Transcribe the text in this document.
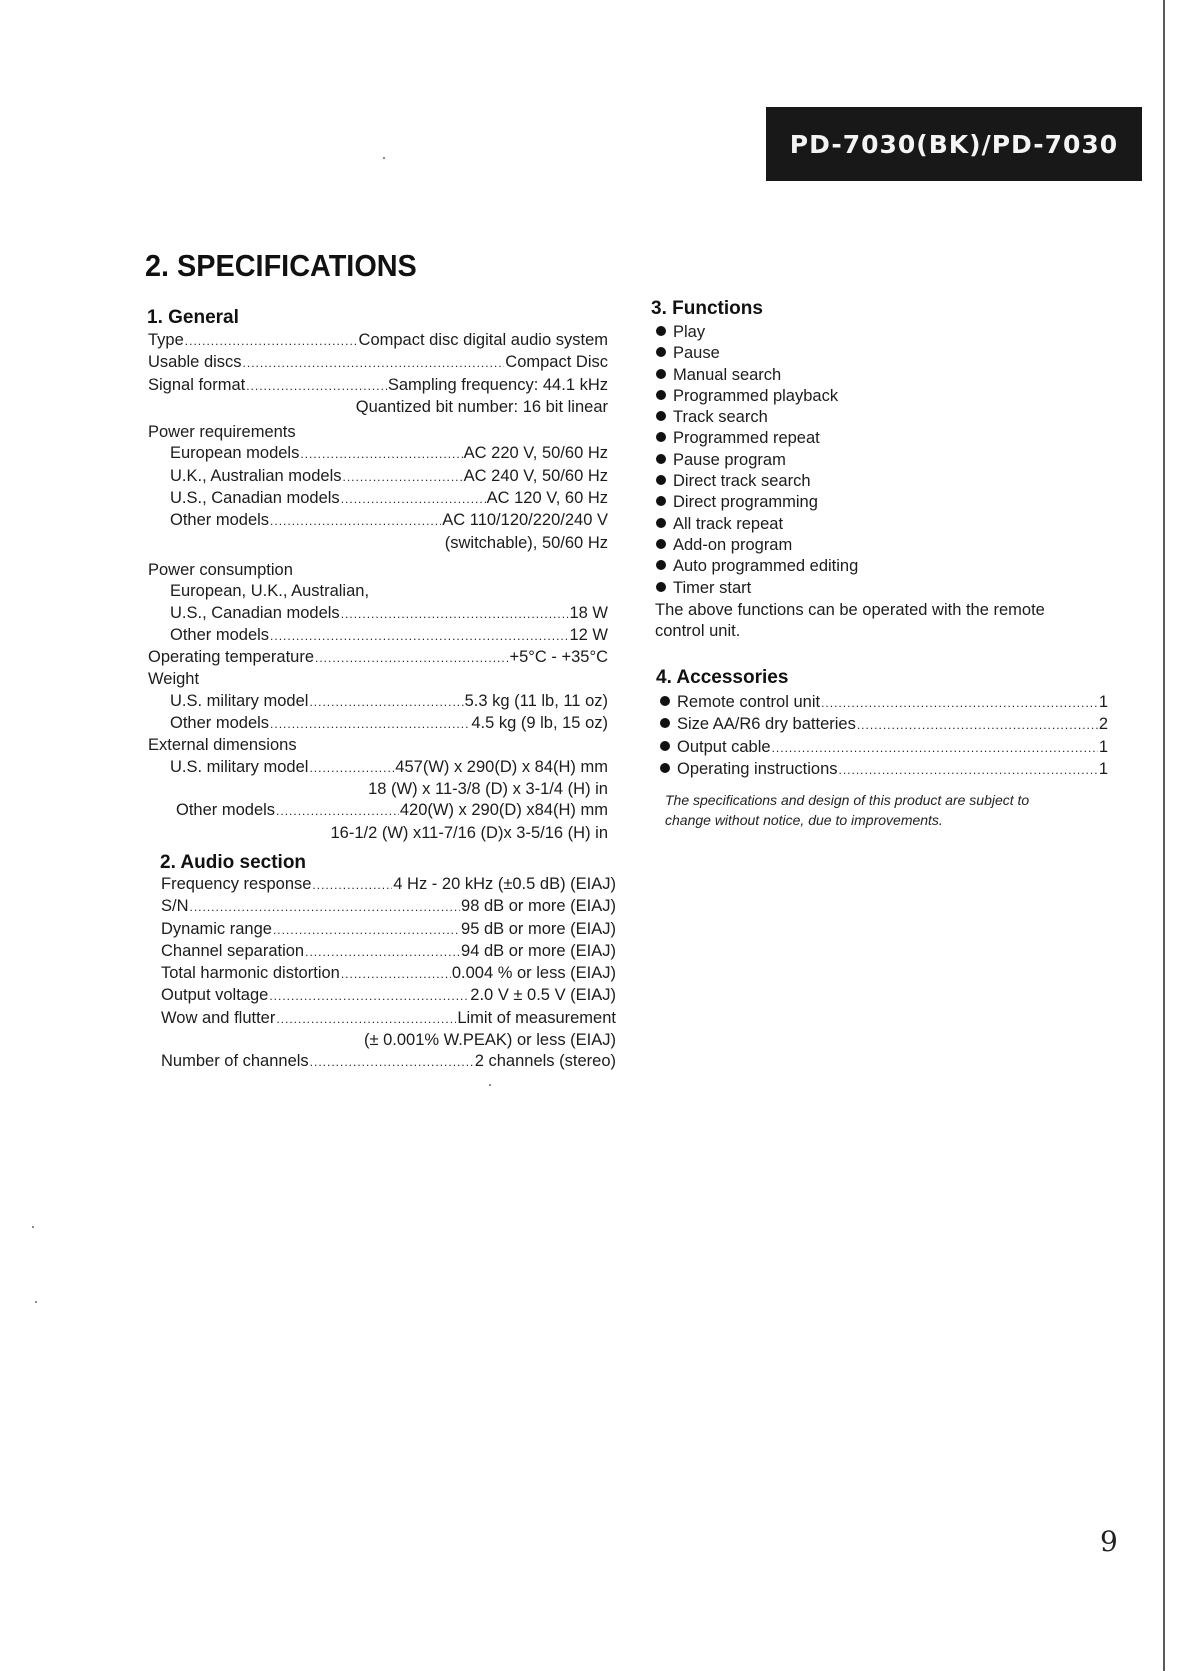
PD-7030(BK)/PD-7030
2. SPECIFICATIONS
1. General
Type .....	Compact disc digital audio system
Usable discs .....	Compact Disc
Signal format .....	Sampling frequency: 44.1 kHz
Quantized bit number: 16 bit linear
Power requirements
European models .....	AC 220 V, 50/60 Hz
U.K., Australian models .....	AC 240 V, 50/60 Hz
U.S., Canadian models .....	AC 120 V, 60 Hz
Other models .....	AC 110/120/220/240 V
(switchable), 50/60 Hz
Power consumption
European, U.K., Australian,
U.S., Canadian models .....	18 W
Other models .....	12 W
Operating temperature .....	+5°C - +35°C
Weight
U.S. military model .....	5.3 kg (11 lb, 11 oz)
Other models .....	4.5 kg (9 lb, 15 oz)
External dimensions
U.S. military model .....	457(W) x 290(D) x 84(H) mm
18 (W) x 11-3/8 (D) x 3-1/4 (H) in
Other models .....	420(W) x 290(D) x84(H) mm
16-1/2 (W) x11-7/16 (D)x 3-5/16 (H) in
2. Audio section
Frequency response .....	4 Hz - 20 kHz (±0.5 dB) (EIAJ)
S/N .....	98 dB or more (EIAJ)
Dynamic range .....	95 dB or more (EIAJ)
Channel separation .....	94 dB or more (EIAJ)
Total harmonic distortion .....	0.004 % or less (EIAJ)
Output voltage .....	2.0 V ± 0.5 V (EIAJ)
Wow and flutter .....	Limit of measurement
(± 0.001% W.PEAK) or less (EIAJ)
Number of channels .....	2 channels (stereo)
3. Functions
Play
Pause
Manual search
Programmed playback
Track search
Programmed repeat
Pause program
Direct track search
Direct programming
All track repeat
Add-on program
Auto programmed editing
Timer start
The above functions can be operated with the remote
control unit.
4. Accessories
Remote control unit .....	1
Size AA/R6 dry batteries .....	2
Output cable .....	1
Operating instructions .....	1
The specifications and design of this product are subject to
change without notice, due to improvements.
9
